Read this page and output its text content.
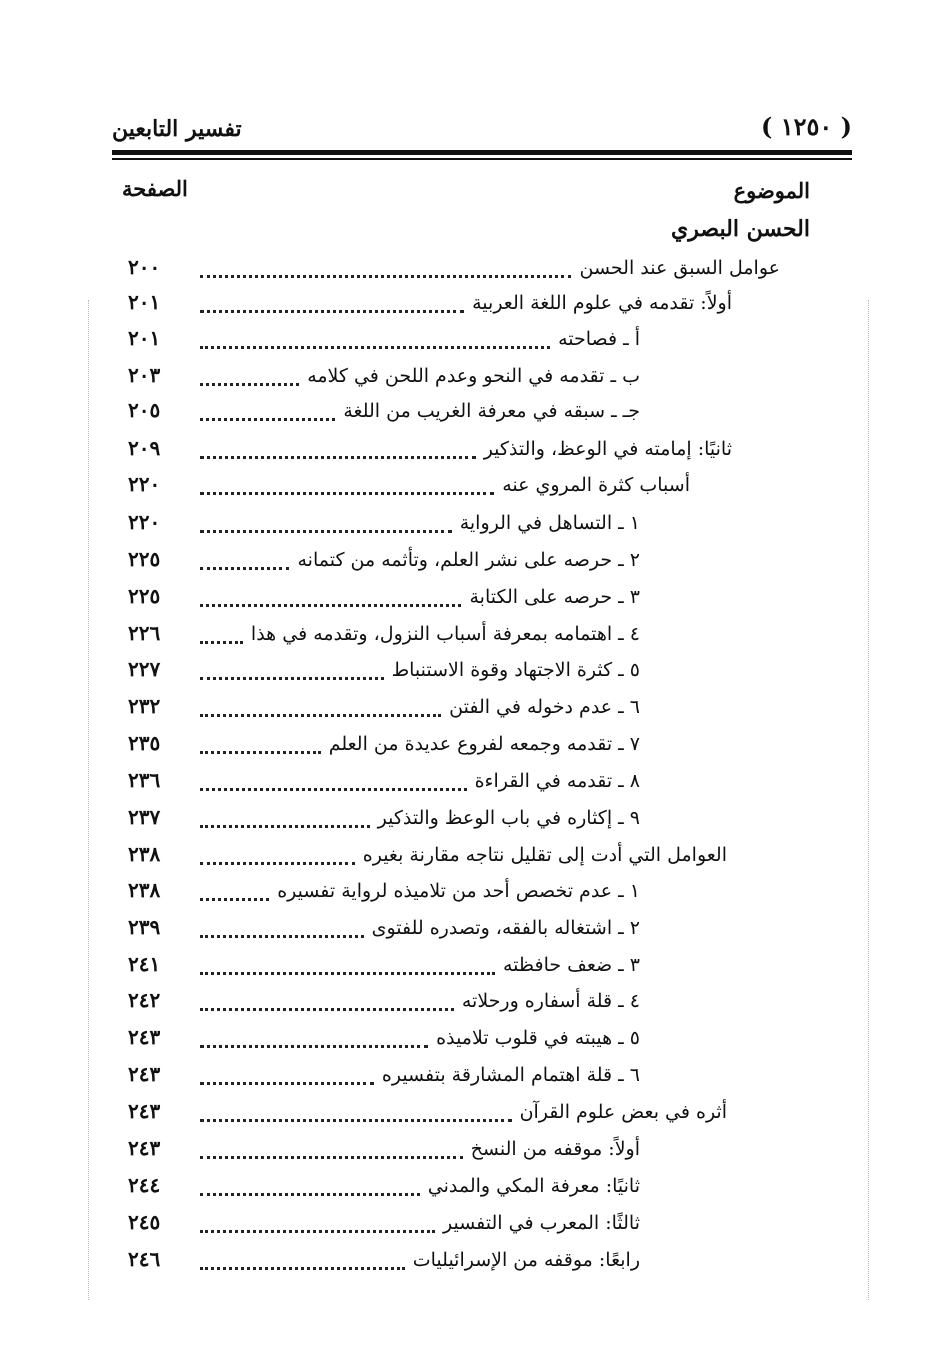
تفسير التابعين	( ١٢٥٠ )
الموضوع
الصفحة
الحسن البصري
عوامل السبق عند الحسن
٢٠٠
أولاً: تقدمه في علوم اللغة العربية
٢٠١
أ ـ فصاحته
٢٠١
ب ـ تقدمه في النحو وعدم اللحن في كلامه
٢٠٣
جـ ـ سبقه في معرفة الغريب من اللغة
٢٠٥
ثانيًا: إمامته في الوعظ، والتذكير
٢٠٩
أسباب كثرة المروي عنه
٢٢٠
١ ـ التساهل في الرواية
٢٢٠
٢ ـ حرصه على نشر العلم، وتأثمه من كتمانه
٢٢٥
٣ ـ حرصه على الكتابة
٢٢٥
٤ ـ اهتمامه بمعرفة أسباب النزول، وتقدمه في هذا
٢٢٦
٥ ـ كثرة الاجتهاد وقوة الاستنباط
٢٢٧
٦ ـ عدم دخوله في الفتن
٢٣٢
٧ ـ تقدمه وجمعه لفروع عديدة من العلم
٢٣٥
٨ ـ تقدمه في القراءة
٢٣٦
٩ ـ إكثاره في باب الوعظ والتذكير
٢٣٧
العوامل التي أدت إلى تقليل نتاجه مقارنة بغيره
٢٣٨
١ ـ عدم تخصص أحد من تلاميذه لرواية تفسيره
٢٣٨
٢ ـ اشتغاله بالفقه، وتصدره للفتوى
٢٣٩
٣ ـ ضعف حافظته
٢٤١
٤ ـ قلة أسفاره ورحلاته
٢٤٢
٥ ـ هيبته في قلوب تلاميذه
٢٤٣
٦ ـ قلة اهتمام المشارقة بتفسيره
٢٤٣
أثره في بعض علوم القرآن
٢٤٣
أولاً: موقفه من النسخ
٢٤٣
ثانيًا: معرفة المكي والمدني
٢٤٤
ثالثًا: المعرب في التفسير
٢٤٥
رابعًا: موقفه من الإسرائيليات
٢٤٦
